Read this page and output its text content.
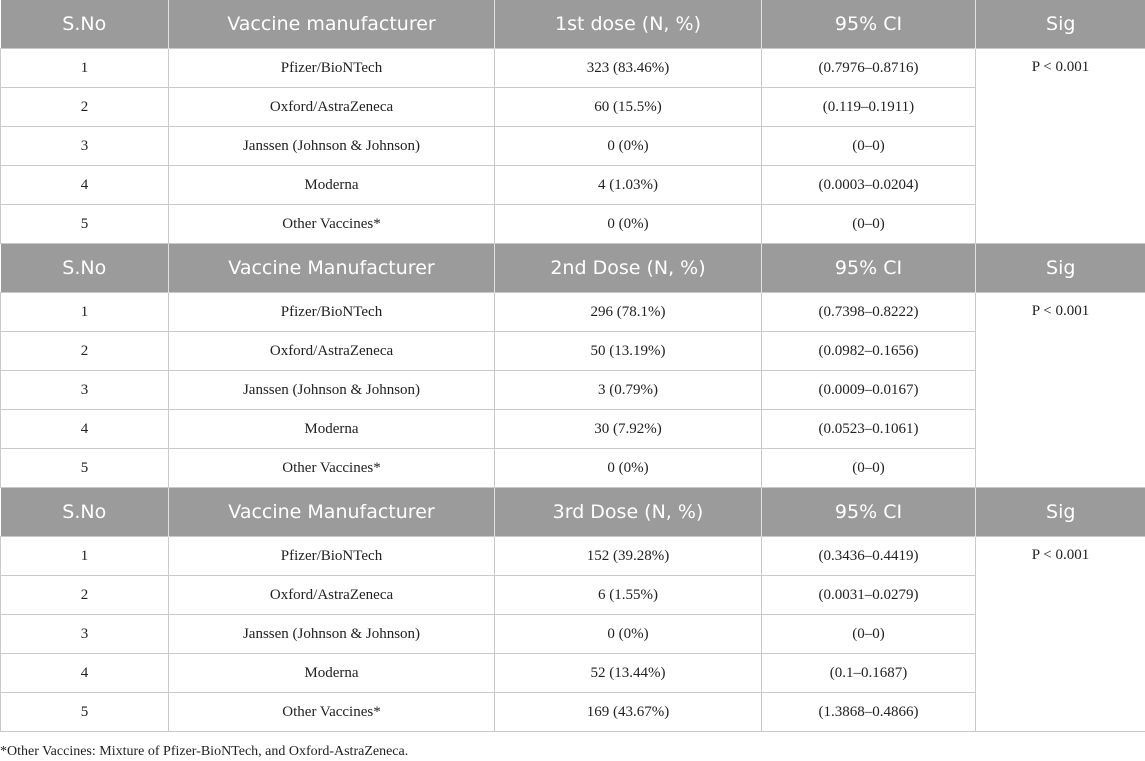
S.No	Vaccine manufacturer	1st dose (N, %)	95% CI	Sig
1	Pfizer/BioNTech	323 (83.46%)	(0.7976–0.8716)	P < 0.001
2	Oxford/AstraZeneca	60 (15.5%)	(0.119–0.1911)	
3	Janssen (Johnson & Johnson)	0 (0%)	(0–0)	
4	Moderna	4 (1.03%)	(0.0003–0.0204)	
5	Other Vaccines*	0 (0%)	(0–0)	
S.No	Vaccine Manufacturer	2nd Dose (N, %)	95% CI	Sig
1	Pfizer/BioNTech	296 (78.1%)	(0.7398–0.8222)	P < 0.001
2	Oxford/AstraZeneca	50 (13.19%)	(0.0982–0.1656)	
3	Janssen (Johnson & Johnson)	3 (0.79%)	(0.0009–0.0167)	
4	Moderna	30 (7.92%)	(0.0523–0.1061)	
5	Other Vaccines*	0 (0%)	(0–0)	
S.No	Vaccine Manufacturer	3rd Dose (N, %)	95% CI	Sig
1	Pfizer/BioNTech	152 (39.28%)	(0.3436–0.4419)	P < 0.001
2	Oxford/AstraZeneca	6 (1.55%)	(0.0031–0.0279)	
3	Janssen (Johnson & Johnson)	0 (0%)	(0–0)	
4	Moderna	52 (13.44%)	(0.1–0.1687)	
5	Other Vaccines*	169 (43.67%)	(1.3868–0.4866)	
*Other Vaccines: Mixture of Pfizer-BioNTech, and Oxford-AstraZeneca.
